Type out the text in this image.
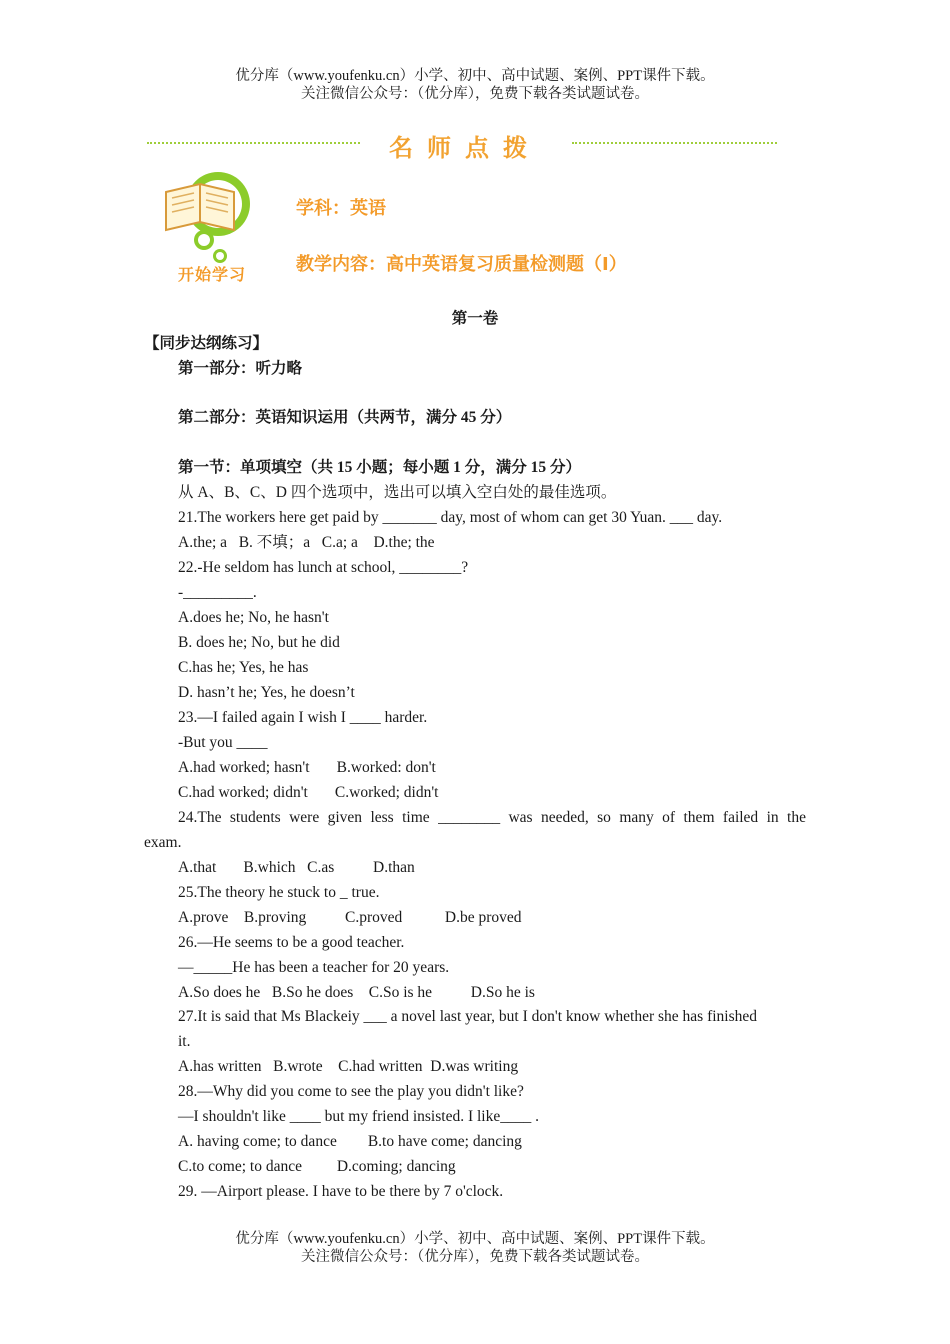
优分库（www.youfenku.cn）小学、初中、高中试题、案例、PPT课件下载。
关注微信公众号：（优分库），免费下载各类试题试卷。
名师点拨
开始学习
学科：英语
教学内容：高中英语复习质量检测题（Ⅰ）
第一卷
【同步达纲练习】
第一部分：听力略
第二部分：英语知识运用（共两节，满分 45 分）
第一节：单项填空（共 15 小题；每小题 1 分，满分 15 分）
从 A、B、C、D 四个选项中，选出可以填入空白处的最佳选项。
21.The workers here get paid by _______ day, most of whom can get 30 Yuan. ___ day.
A.the; a   B. 不填；a   C.a; a    D.the; the
22.-He seldom has lunch at school, ________?
-_________.
A.does he; No, he hasn't
B. does he; No, but he did
C.has he; Yes, he has
D. hasn’t he; Yes, he doesn’t
23.—I failed again I wish I ____ harder.
-But you ____
A.had worked; hasn't       B.worked: don't
C.had worked; didn't       C.worked; didn't
24.The students were given less time ________ was needed, so many of them failed in the
exam.
A.that       B.which   C.as          D.than
25.The theory he stuck to _ true.
A.prove    B.proving          C.proved           D.be proved
26.—He seems to be a good teacher.
—_____He has been a teacher for 20 years.
A.So does he   B.So he does    C.So is he          D.So he is
27.It is said that Ms Blackeiy ___ a novel last year, but I don't know whether she has finished
it.
A.has written   B.wrote    C.had written  D.was writing
28.—Why did you come to see the play you didn't like?
—I shouldn't like ____ but my friend insisted. I like____ .
A. having come; to dance        B.to have come; dancing
C.to come; to dance         D.coming; dancing
29. —Airport please. I have to be there by 7 o'clock.
优分库（www.youfenku.cn）小学、初中、高中试题、案例、PPT课件下载。
关注微信公众号：（优分库），免费下载各类试题试卷。
